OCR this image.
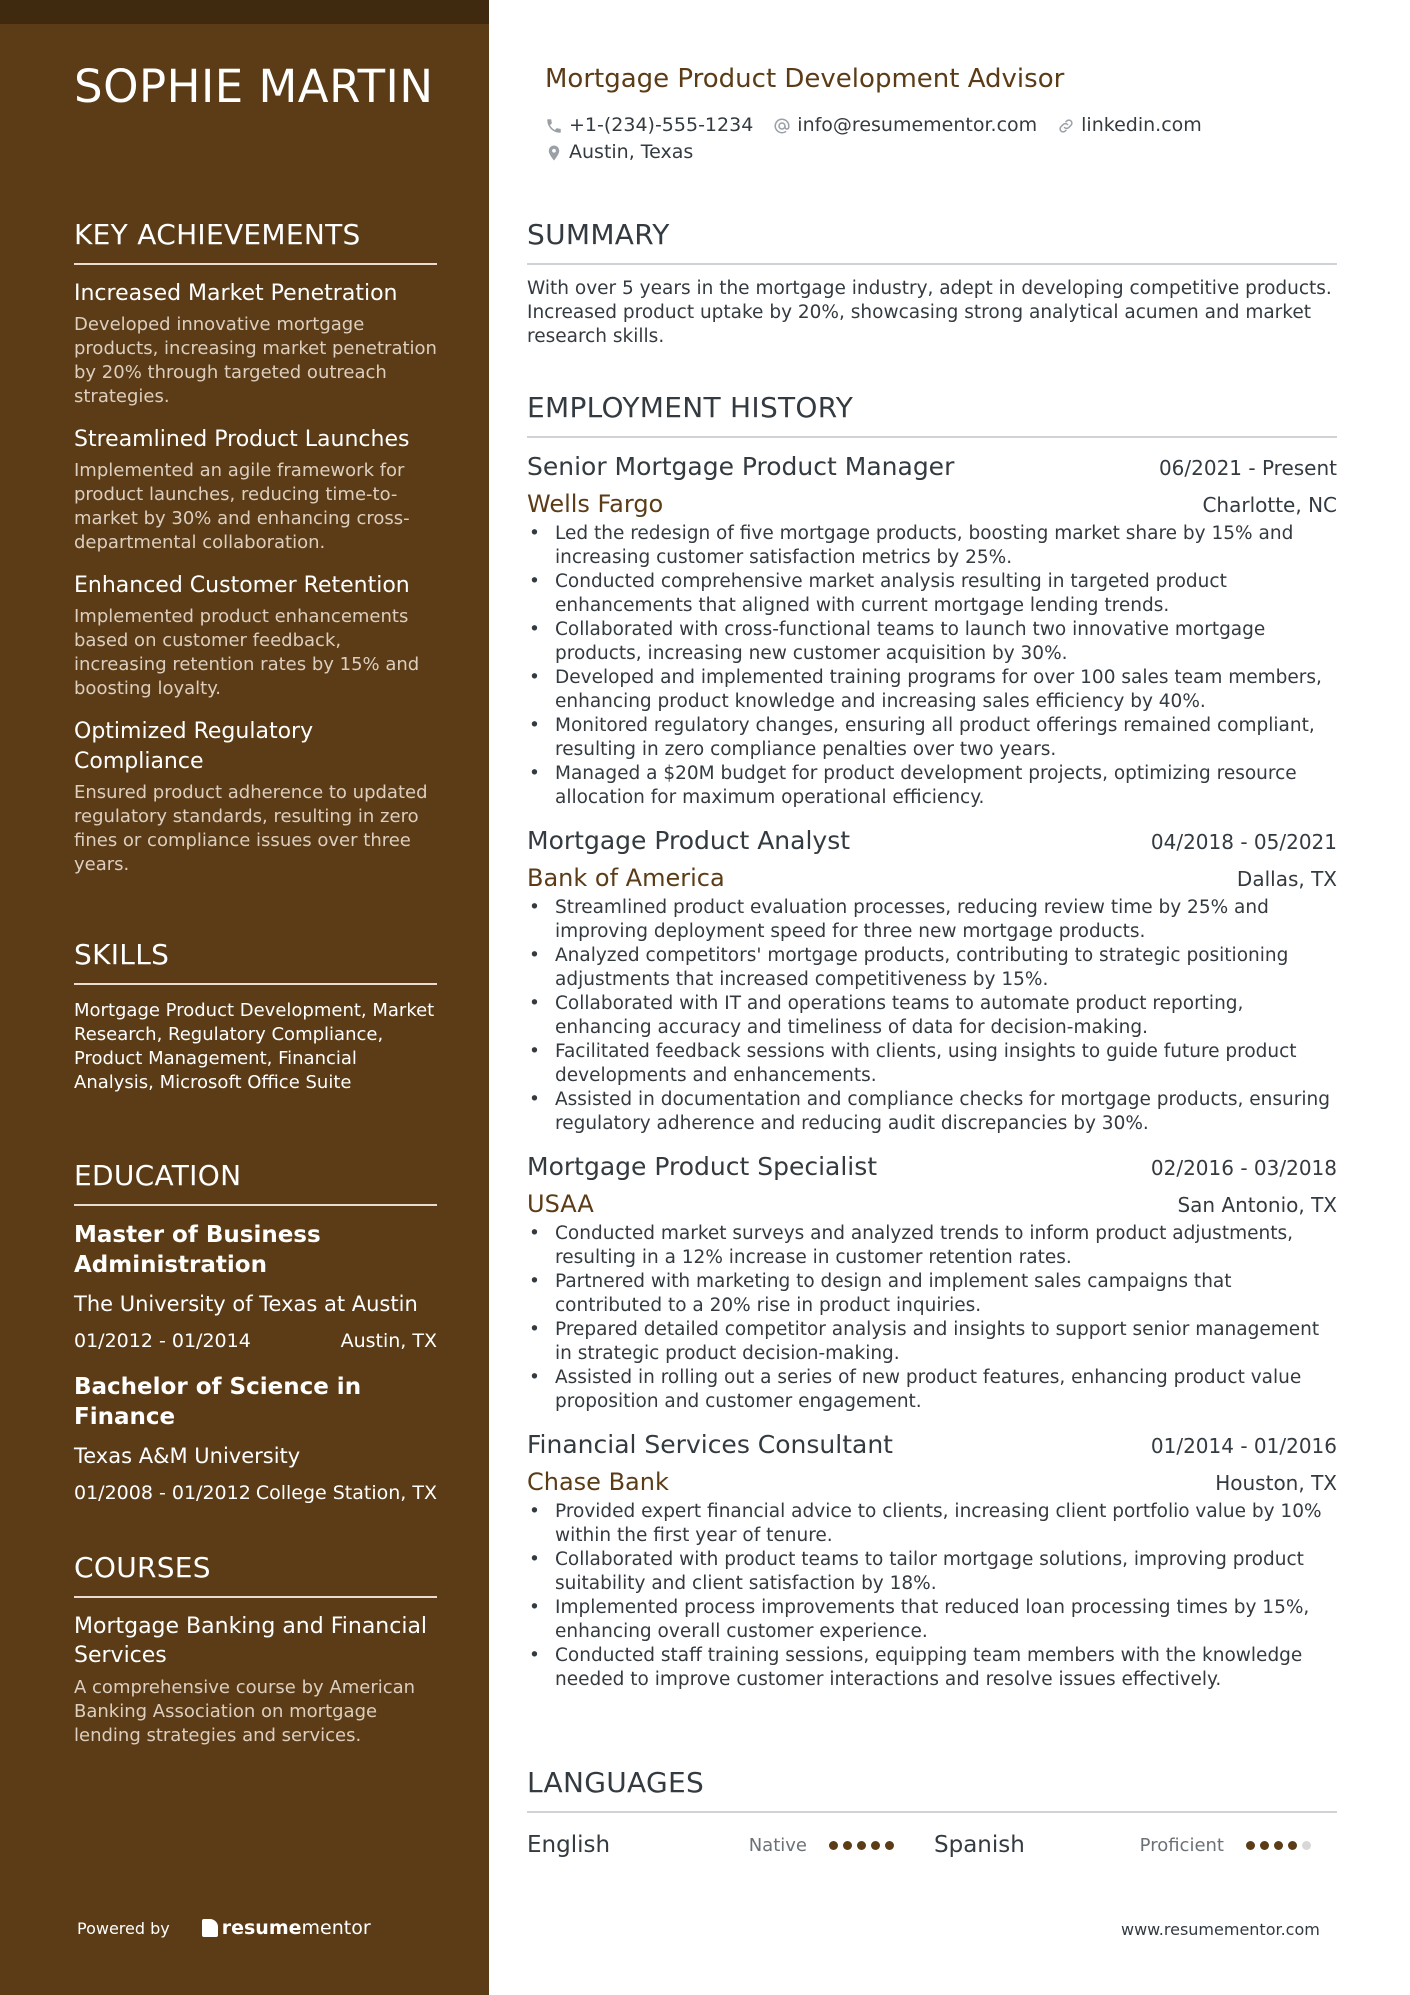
SOPHIE MARTIN
KEY ACHIEVEMENTS
Increased Market Penetration
Developed innovative mortgage products, increasing market penetration by 20% through targeted outreach strategies.
Streamlined Product Launches
Implemented an agile framework for product launches, reducing time-to-market by 30% and enhancing cross-departmental collaboration.
Enhanced Customer Retention
Implemented product enhancements based on customer feedback, increasing retention rates by 15% and boosting loyalty.
Optimized Regulatory Compliance
Ensured product adherence to updated regulatory standards, resulting in zero fines or compliance issues over three years.
SKILLS
Mortgage Product Development, Market Research, Regulatory Compliance, Product Management, Financial Analysis, Microsoft Office Suite
EDUCATION
Master of Business Administration
The University of Texas at Austin
01/2012 - 01/2014	Austin, TX
Bachelor of Science in Finance
Texas A&M University
01/2008 - 01/2012 College Station, TX
COURSES
Mortgage Banking and Financial Services
A comprehensive course by American Banking Association on mortgage lending strategies and services.
Powered by	resume mentor
Mortgage Product Development Advisor
+1-(234)-555-1234 info@resumementor.com linkedin.com
Austin, Texas
SUMMARY
With over 5 years in the mortgage industry, adept in developing competitive products. Increased product uptake by 20%, showcasing strong analytical acumen and market research skills.
EMPLOYMENT HISTORY
Senior Mortgage Product Manager	06/2021 - Present
Wells Fargo	Charlotte, NC
• Led the redesign of five mortgage products, boosting market share by 15% and increasing customer satisfaction metrics by 25%.
• Conducted comprehensive market analysis resulting in targeted product enhancements that aligned with current mortgage lending trends.
• Collaborated with cross-functional teams to launch two innovative mortgage products, increasing new customer acquisition by 30%.
• Developed and implemented training programs for over 100 sales team members, enhancing product knowledge and increasing sales efficiency by 40%.
• Monitored regulatory changes, ensuring all product offerings remained compliant, resulting in zero compliance penalties over two years.
• Managed a $20M budget for product development projects, optimizing resource allocation for maximum operational efficiency.
Mortgage Product Analyst	04/2018 - 05/2021
Bank of America	Dallas, TX
• Streamlined product evaluation processes, reducing review time by 25% and improving deployment speed for three new mortgage products.
• Analyzed competitors' mortgage products, contributing to strategic positioning adjustments that increased competitiveness by 15%.
• Collaborated with IT and operations teams to automate product reporting, enhancing accuracy and timeliness of data for decision-making.
• Facilitated feedback sessions with clients, using insights to guide future product developments and enhancements.
• Assisted in documentation and compliance checks for mortgage products, ensuring regulatory adherence and reducing audit discrepancies by 30%.
Mortgage Product Specialist	02/2016 - 03/2018
USAA	San Antonio, TX
• Conducted market surveys and analyzed trends to inform product adjustments, resulting in a 12% increase in customer retention rates.
• Partnered with marketing to design and implement sales campaigns that contributed to a 20% rise in product inquiries.
• Prepared detailed competitor analysis and insights to support senior management in strategic product decision-making.
• Assisted in rolling out a series of new product features, enhancing product value proposition and customer engagement.
Financial Services Consultant	01/2014 - 01/2016
Chase Bank	Houston, TX
• Provided expert financial advice to clients, increasing client portfolio value by 10% within the first year of tenure.
• Collaborated with product teams to tailor mortgage solutions, improving product suitability and client satisfaction by 18%.
• Implemented process improvements that reduced loan processing times by 15%, enhancing overall customer experience.
• Conducted staff training sessions, equipping team members with the knowledge needed to improve customer interactions and resolve issues effectively.
LANGUAGES
English	Native	Spanish	Proficient
www.resumementor.com
